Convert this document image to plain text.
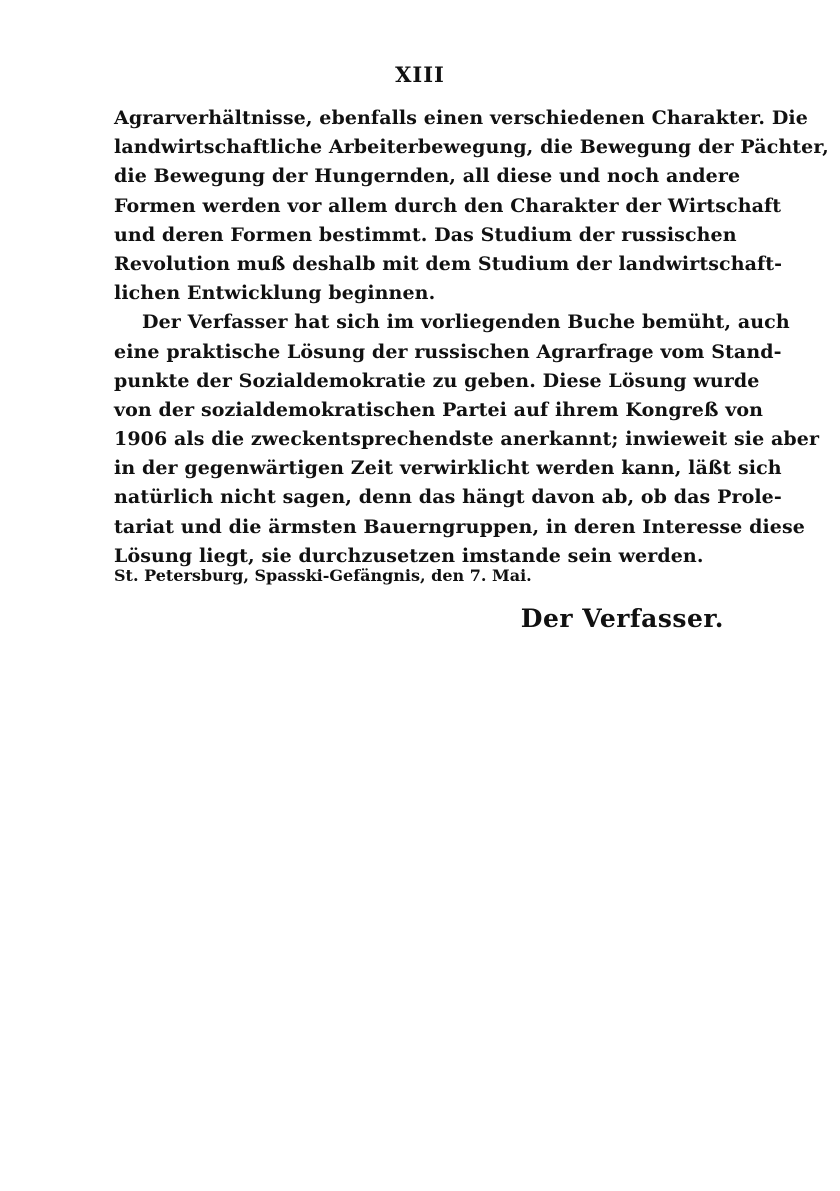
XIII
Agrarverhältnisse, ebenfalls einen verschiedenen Charakter. Die
landwirtschaftliche Arbeiterbewegung, die Bewegung der Pächter,
die Bewegung der Hungernden, all diese und noch andere
Formen werden vor allem durch den Charakter der Wirtschaft
und deren Formen bestimmt. Das Studium der russischen
Revolution muß deshalb mit dem Studium der landwirtschaft-
lichen Entwicklung beginnen.
Der Verfasser hat sich im vorliegenden Buche bemüht, auch
eine praktische Lösung der russischen Agrarfrage vom Stand-
punkte der Sozialdemokratie zu geben. Diese Lösung wurde
von der sozialdemokratischen Partei auf ihrem Kongreß von
1906 als die zweckentsprechendste anerkannt; inwieweit sie aber
in der gegenwärtigen Zeit verwirklicht werden kann, läßt sich
natürlich nicht sagen, denn das hängt davon ab, ob das Prole-
tariat und die ärmsten Bauerngruppen, in deren Interesse diese
Lösung liegt, sie durchzusetzen imstande sein werden.
St. Petersburg, Spasski-Gefängnis, den 7. Mai.
Der Verfasser.
